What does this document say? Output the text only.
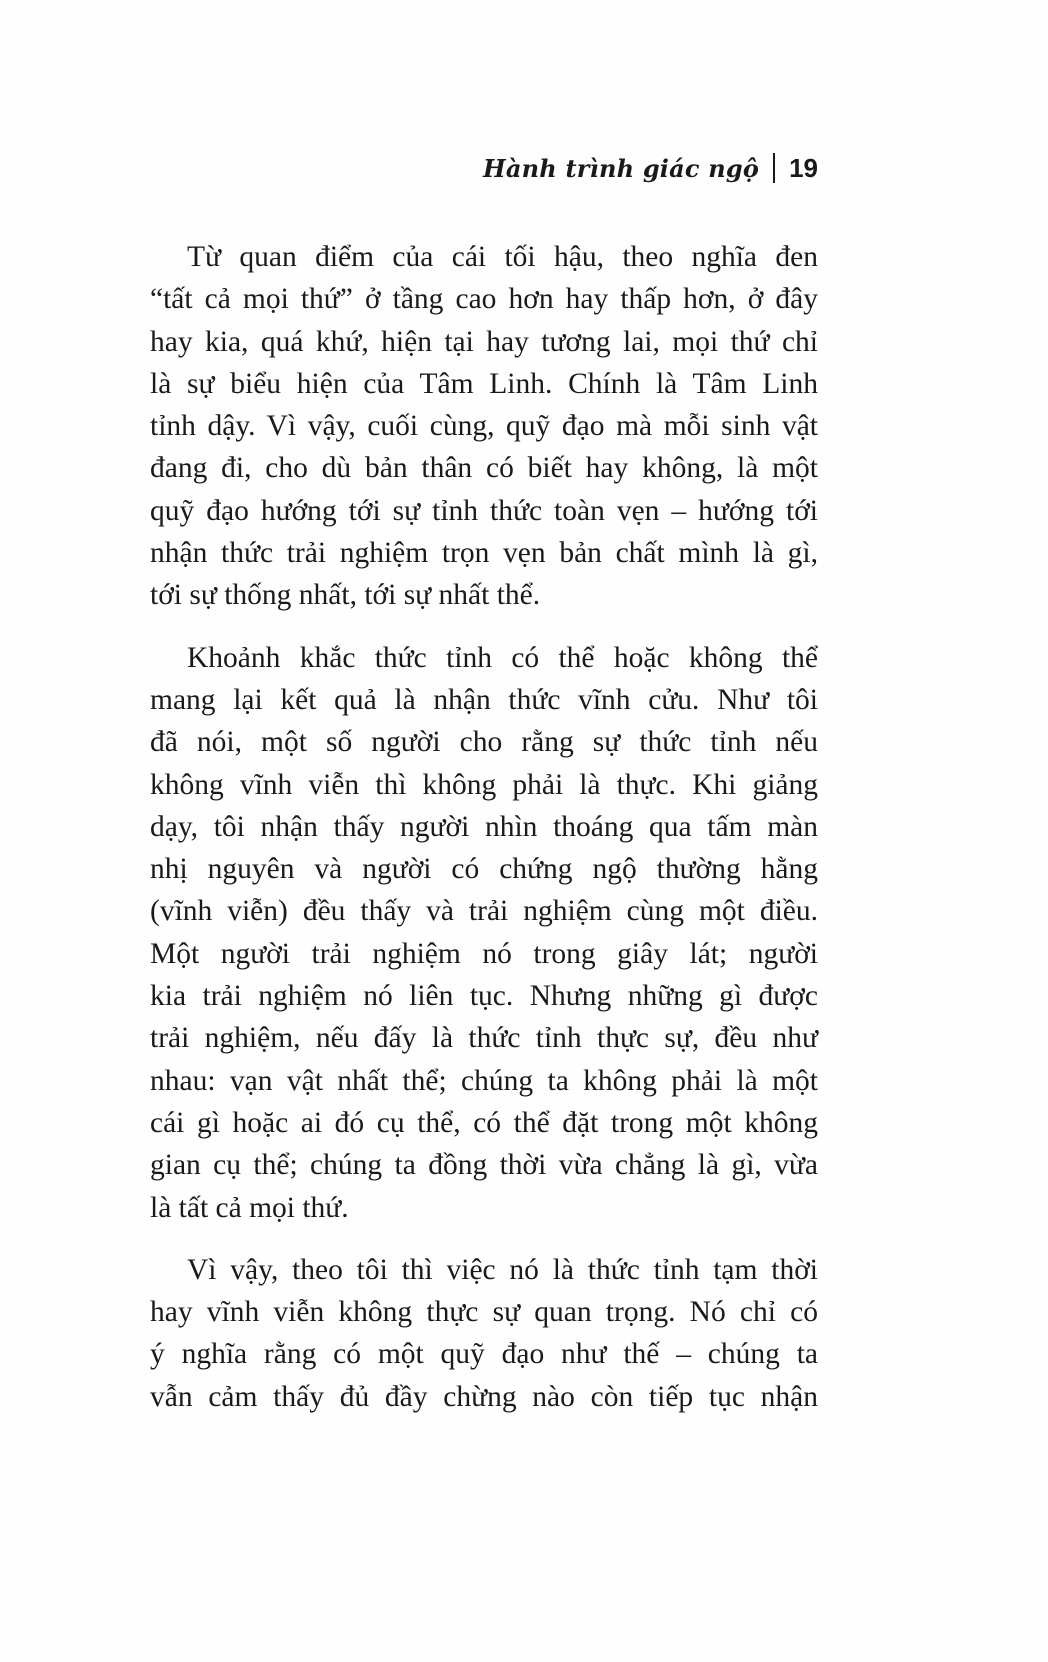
Hành trình giác ngộ 19

Từ quan điểm của cái tối hậu, theo nghĩa đen
“tất cả mọi thứ” ở tầng cao hơn hay thấp hơn, ở đây
hay kia, quá khứ, hiện tại hay tương lai, mọi thứ chỉ
là sự biểu hiện của Tâm Linh. Chính là Tâm Linh
tỉnh dậy. Vì vậy, cuối cùng, quỹ đạo mà mỗi sinh vật
đang đi, cho dù bản thân có biết hay không, là một
quỹ đạo hướng tới sự tỉnh thức toàn vẹn – hướng tới
nhận thức trải nghiệm trọn vẹn bản chất mình là gì,
tới sự thống nhất, tới sự nhất thể.

Khoảnh khắc thức tỉnh có thể hoặc không thể
mang lại kết quả là nhận thức vĩnh cửu. Như tôi
đã nói, một số người cho rằng sự thức tỉnh nếu
không vĩnh viễn thì không phải là thực. Khi giảng
dạy, tôi nhận thấy người nhìn thoáng qua tấm màn
nhị nguyên và người có chứng ngộ thường hằng
(vĩnh viễn) đều thấy và trải nghiệm cùng một điều.
Một người trải nghiệm nó trong giây lát; người
kia trải nghiệm nó liên tục. Nhưng những gì được
trải nghiệm, nếu đấy là thức tỉnh thực sự, đều như
nhau: vạn vật nhất thể; chúng ta không phải là một
cái gì hoặc ai đó cụ thể, có thể đặt trong một không
gian cụ thể; chúng ta đồng thời vừa chẳng là gì, vừa
là tất cả mọi thứ.

Vì vậy, theo tôi thì việc nó là thức tỉnh tạm thời
hay vĩnh viễn không thực sự quan trọng. Nó chỉ có
ý nghĩa rằng có một quỹ đạo như thế – chúng ta
vẫn cảm thấy đủ đầy chừng nào còn tiếp tục nhận
